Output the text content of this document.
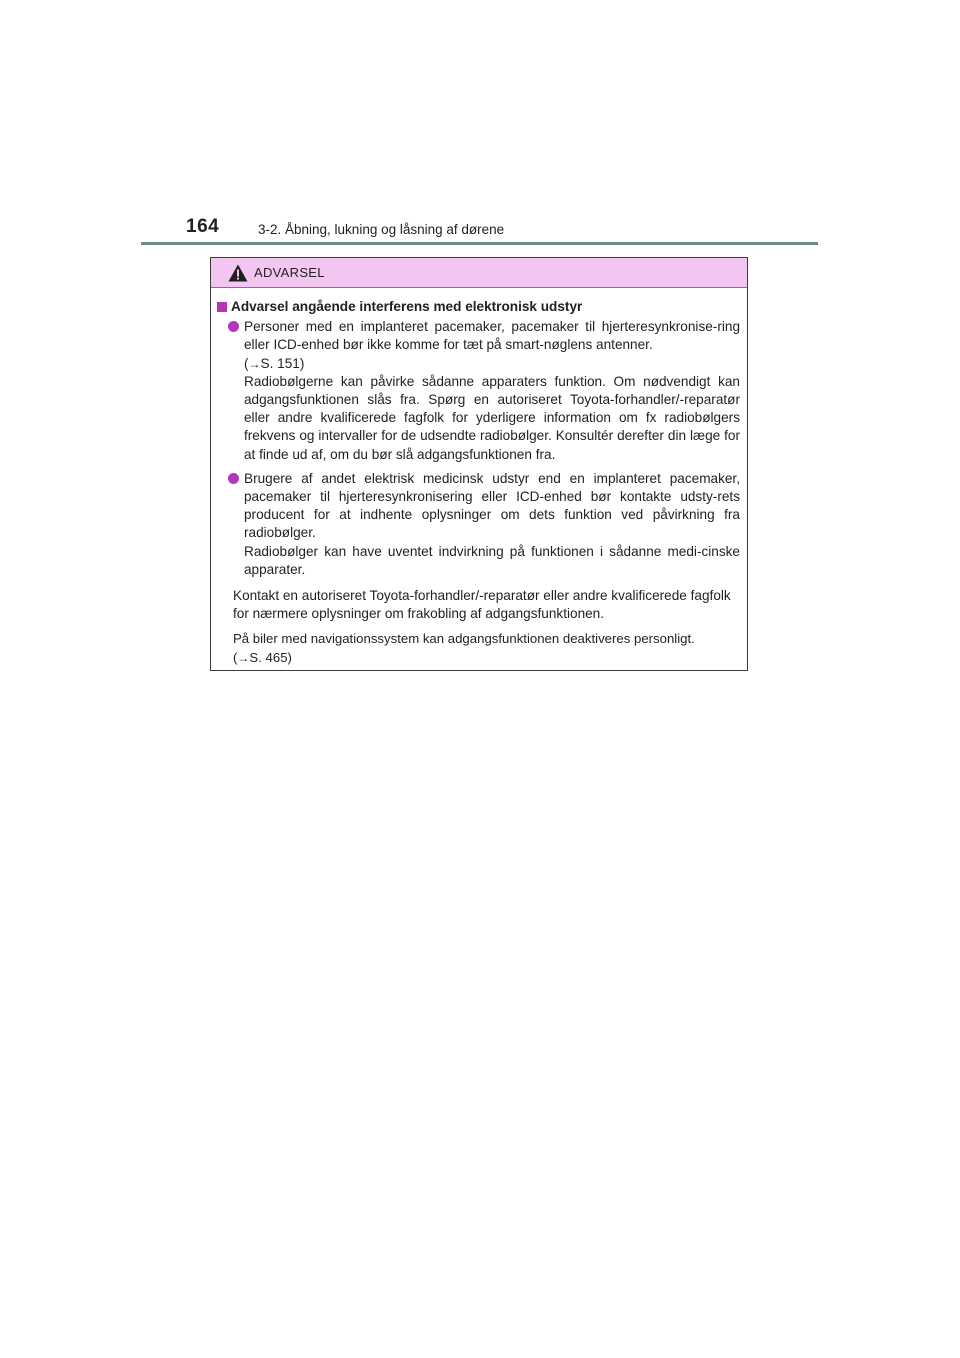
164	3-2. Åbning, lukning og låsning af dørene
ADVARSEL
Advarsel angående interferens med elektronisk udstyr

Personer med en implanteret pacemaker, pacemaker til hjerteresynkronise-ring eller ICD-enhed bør ikke komme for tæt på smart-nøglens antenner.

(→S. 151)

Radiobølgerne kan påvirke sådanne apparaters funktion. Om nødvendigt kan adgangsfunktionen slås fra. Spørg en autoriseret Toyota-forhandler/-reparatør eller andre kvalificerede fagfolk for yderligere information om fx radiobølgers frekvens og intervaller for de udsendte radiobølger. Konsultér derefter din læge for at finde ud af, om du bør slå adgangsfunktionen fra.

Brugere af andet elektrisk medicinsk udstyr end en implanteret pacemaker, pacemaker til hjerteresynkronisering eller ICD-enhed bør kontakte udsty-rets producent for at indhente oplysninger om dets funktion ved påvirkning fra radiobølger.

Radiobølger kan have uventet indvirkning på funktionen i sådanne medi-cinske apparater.

Kontakt en autoriseret Toyota-forhandler/-reparatør eller andre kvalificerede fagfolk for nærmere oplysninger om frakobling af adgangsfunktionen.

På biler med navigationssystem kan adgangsfunktionen deaktiveres personligt.

(→S. 465)
